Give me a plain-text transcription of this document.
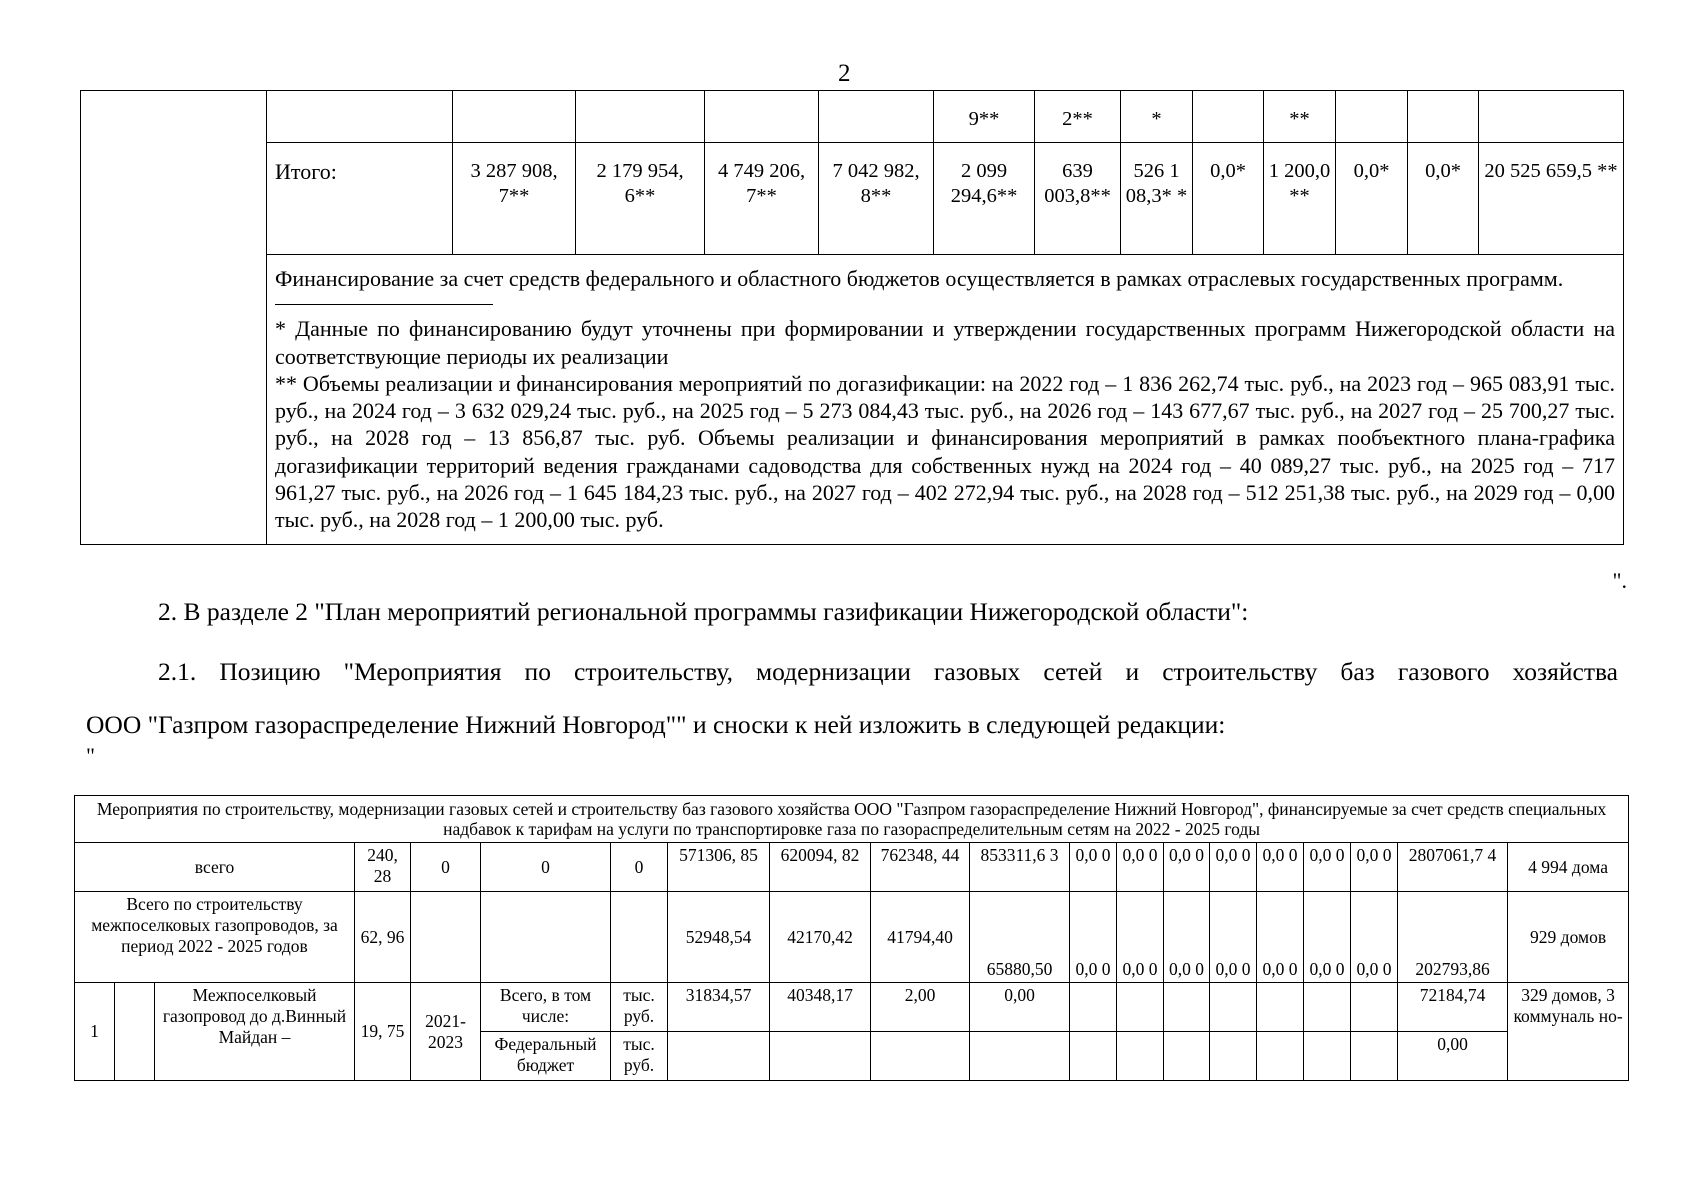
2
						9**	2**	*		**			
	Итого:	3 287 908, 7**	2 179 954, 6**	4 749 206, 7**	7 042 982, 8**	2 099 294,6**	639 003,8**	526 1 08,3* *	0,0*	1 200,0 **	0,0*	0,0*	20 525 659,5 **

	Финансирование за счет средств федерального и областного бюджетов осуществляется в рамках отраслевых государственных программ.
* Данные по финансированию будут уточнены при формировании и утверждении государственных программ Нижегородской области на соответствующие периоды их реализации
** Объемы реализации и финансирования мероприятий по догазификации: на 2022 год – 1 836 262,74 тыс. руб., на 2023 год – 965 083,91 тыс. руб., на 2024 год – 3 632 029,24 тыс. руб., на 2025 год – 5 273 084,43 тыс. руб., на 2026 год – 143 677,67 тыс. руб., на 2027 год – 25 700,27 тыс. руб., на 2028 год – 13 856,87 тыс. руб. Объемы реализации и финансирования мероприятий в рамках пообъектного плана-графика догазификации территорий ведения гражданами садоводства для собственных нужд на 2024 год – 40 089,27 тыс. руб., на 2025 год – 717 961,27 тыс. руб., на 2026 год – 1 645 184,23 тыс. руб., на 2027 год – 402 272,94 тыс. руб., на 2028 год – 512 251,38 тыс. руб., на 2029 год – 0,00 тыс. руб., на 2028 год – 1 200,00 тыс. руб.												
".
2. В разделе 2 "План мероприятий региональной программы газификации Нижегородской области":
2.1. Позицию "Мероприятия по строительству, модернизации газовых сетей и строительству баз газового хозяйства
ООО "Газпром газораспределение Нижний Новгород"" и сноски к ней изложить в следующей редакции:
"
Мероприятия по строительству, модернизации газовых сетей и строительству баз газового хозяйства ООО "Газпром газораспределение Нижний Новгород", финансируемые за счет средств специальных надбавок к тарифам на услуги по транспортировке газа по газораспределительным сетям на 2022 - 2025 годы																			
всего			240, 28	0	0	0	571306, 85	620094, 82	762348, 44	853311,6 3	0,0 0	0,0 0	0,0 0	0,0 0	0,0 0	0,0 0	0,0 0	2807061,7 4	4 994 дома
Всего по строительству межпоселковых газопроводов, за период 2022 - 2025 годов			62, 96				52948,54	42170,42	41794,40	65880,50	0,0 0	0,0 0	0,0 0	0,0 0	0,0 0	0,0 0	0,0 0	202793,86	929 домов
1		Межпоселковый газопровод до д.Винный Майдан –	19, 75	2021- 2023	Всего, в том числе:	тыс. руб.	31834,57	40348,17	2,00	0,00								72184,74	329 домов, 3 коммуналь но-
					Федеральный бюджет	тыс. руб.												0,00	
